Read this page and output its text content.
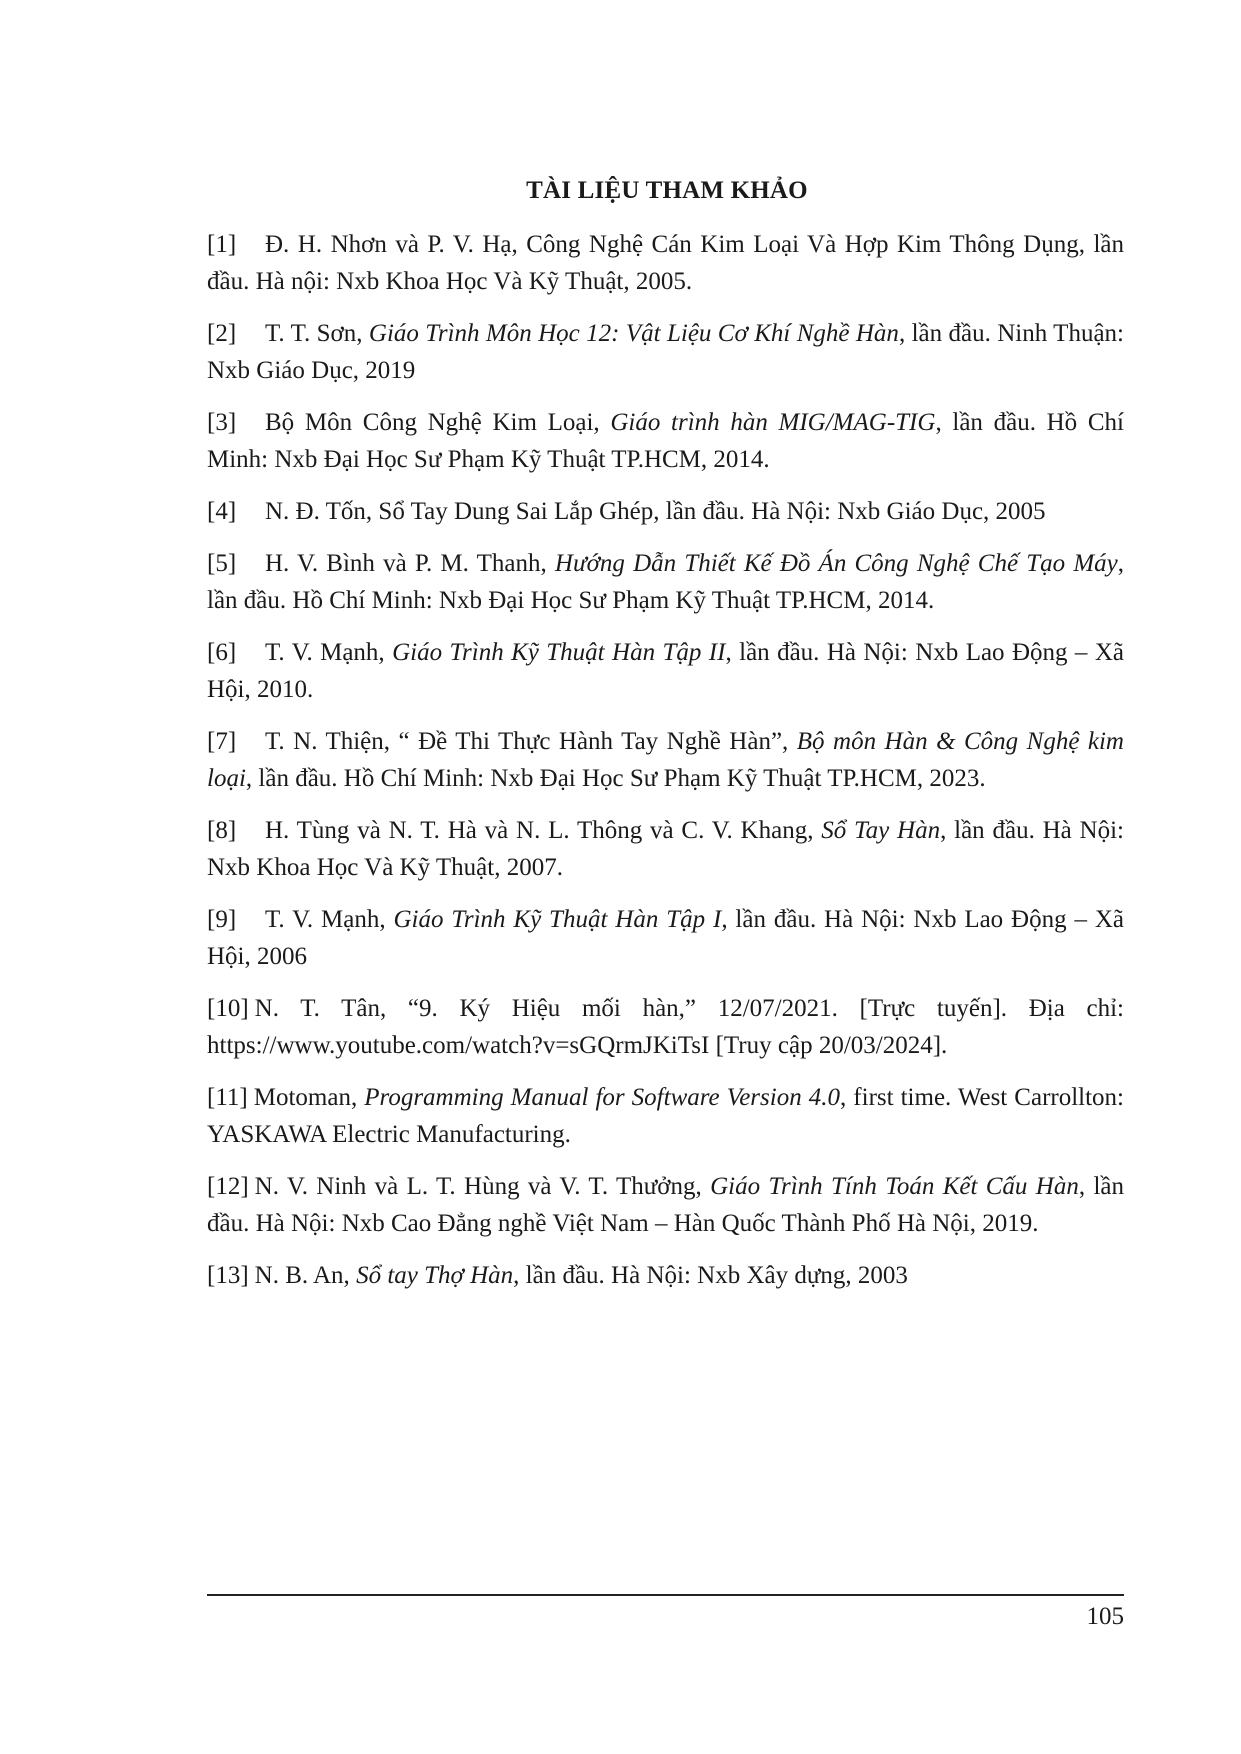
TÀI LIỆU THAM KHẢO
[1] Đ. H. Nhơn và P. V. Hạ, Công Nghệ Cán Kim Loại Và Hợp Kim Thông Dụng, lần đầu. Hà nội: Nxb Khoa Học Và Kỹ Thuật, 2005.
[2] T. T. Sơn, Giáo Trình Môn Học 12: Vật Liệu Cơ Khí Nghề Hàn, lần đầu. Ninh Thuận: Nxb Giáo Dục, 2019
[3] Bộ Môn Công Nghệ Kim Loại, Giáo trình hàn MIG/MAG-TIG, lần đầu. Hồ Chí Minh: Nxb Đại Học Sư Phạm Kỹ Thuật TP.HCM, 2014.
[4] N. Đ. Tốn, Sổ Tay Dung Sai Lắp Ghép, lần đầu. Hà Nội: Nxb Giáo Dục, 2005
[5] H. V. Bình và P. M. Thanh, Hướng Dẫn Thiết Kế Đồ Án Công Nghệ Chế Tạo Máy, lần đầu. Hồ Chí Minh: Nxb Đại Học Sư Phạm Kỹ Thuật TP.HCM, 2014.
[6] T. V. Mạnh, Giáo Trình Kỹ Thuật Hàn Tập II, lần đầu. Hà Nội: Nxb Lao Động – Xã Hội, 2010.
[7] T. N. Thiện, “ Đề Thi Thực Hành Tay Nghề Hàn”, Bộ môn Hàn & Công Nghệ kim loại, lần đầu. Hồ Chí Minh: Nxb Đại Học Sư Phạm Kỹ Thuật TP.HCM, 2023.
[8] H. Tùng và N. T. Hà và N. L. Thông và C. V. Khang, Sổ Tay Hàn, lần đầu. Hà Nội: Nxb Khoa Học Và Kỹ Thuật, 2007.
[9] T. V. Mạnh, Giáo Trình Kỹ Thuật Hàn Tập I, lần đầu. Hà Nội: Nxb Lao Động – Xã Hội, 2006
[10] N. T. Tân, “9. Ký Hiệu mối hàn,” 12/07/2021. [Trực tuyến]. Địa chỉ: https://www.youtube.com/watch?v=sGQrmJKiTsI [Truy cập 20/03/2024].
[11] Motoman, Programming Manual for Software Version 4.0, first time. West Carrollton: YASKAWA Electric Manufacturing.
[12] N. V. Ninh và L. T. Hùng và V. T. Thưởng, Giáo Trình Tính Toán Kết Cấu Hàn, lần đầu. Hà Nội: Nxb Cao Đẳng nghề Việt Nam – Hàn Quốc Thành Phố Hà Nội, 2019.
[13] N. B. An, Sổ tay Thợ Hàn, lần đầu. Hà Nội: Nxb Xây dựng, 2003
105
